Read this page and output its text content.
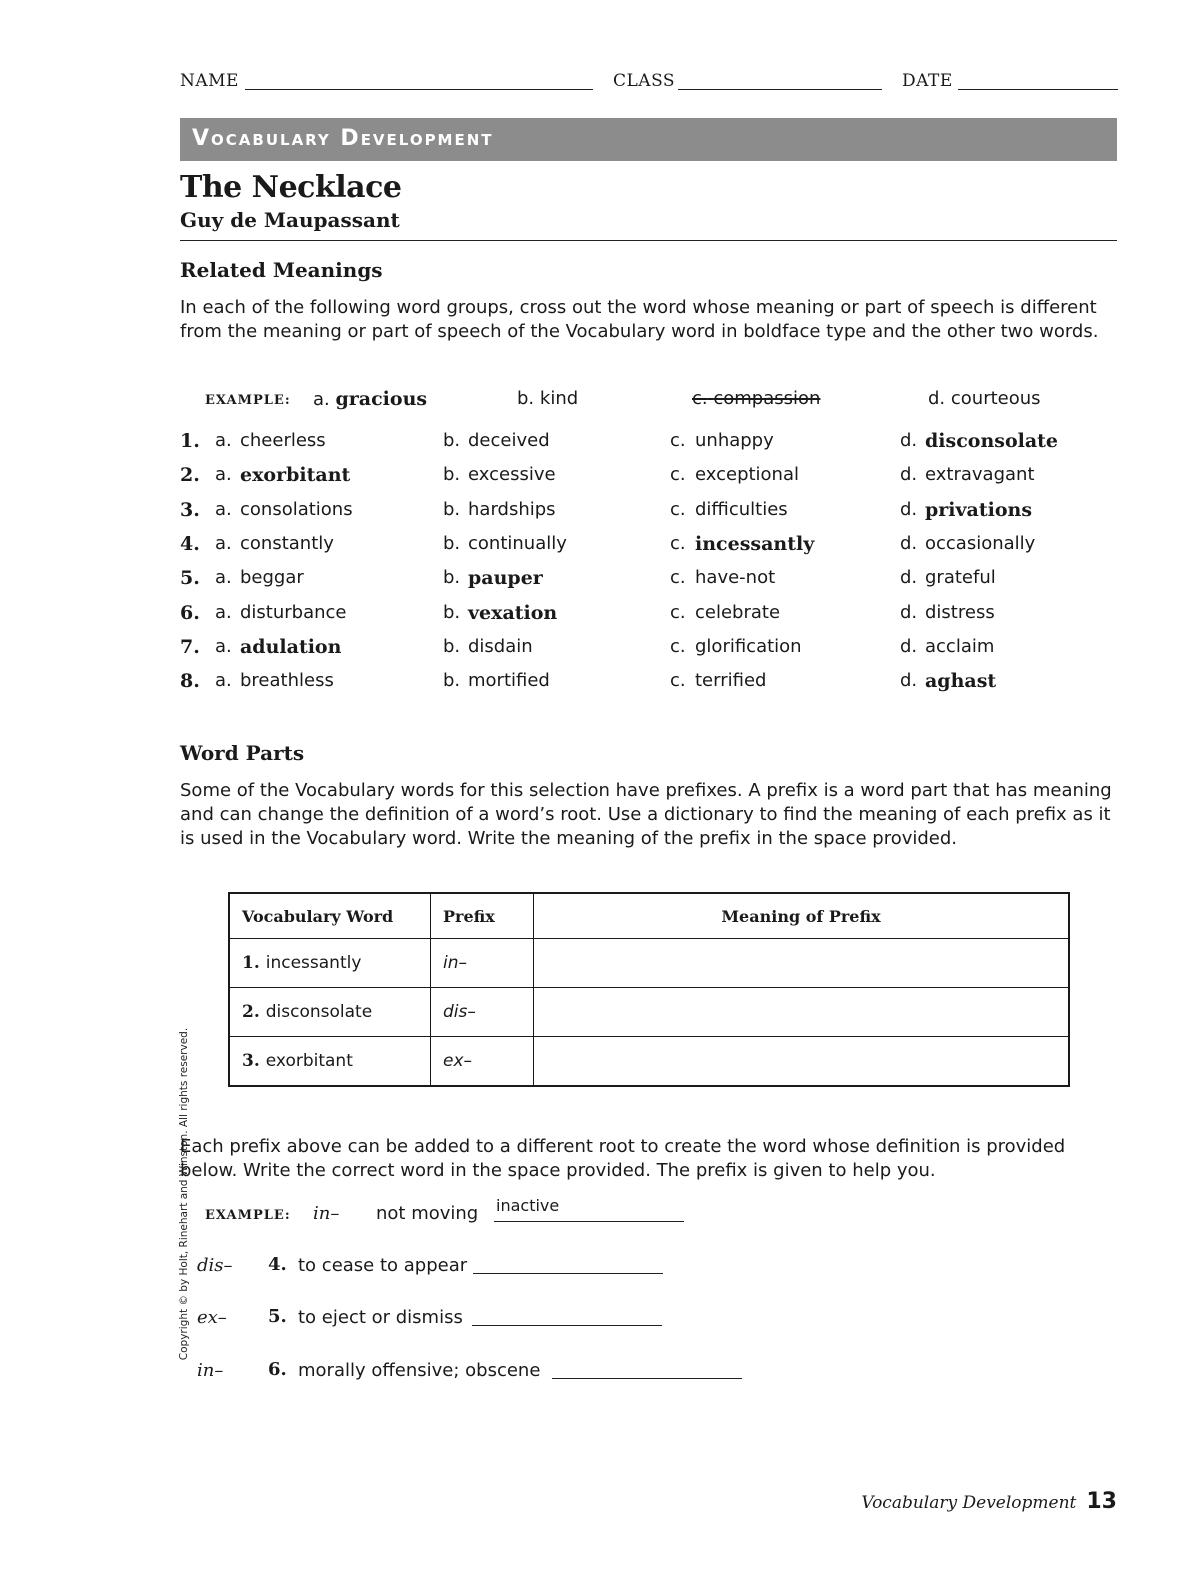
NAME	CLASS	DATE
Vocabulary Development
The Necklace
Guy de Maupassant
Related Meanings
In each of the following word groups, cross out the word whose meaning or part of speech is different from the meaning or part of speech of the Vocabulary word in boldface type and the other two words.
EXAMPLE: a. gracious	b. kind	c. compassion	d. courteous
1. a. cheerless	b. deceived	c. unhappy	d. disconsolate
2. a. exorbitant	b. excessive	c. exceptional	d. extravagant
3. a. consolations	b. hardships	c. difficulties	d. privations
4. a. constantly	b. continually	c. incessantly	d. occasionally
5. a. beggar	b. pauper	c. have-not	d. grateful
6. a. disturbance	b. vexation	c. celebrate	d. distress
7. a. adulation	b. disdain	c. glorification	d. acclaim
8. a. breathless	b. mortified	c. terrified	d. aghast
Word Parts
Some of the Vocabulary words for this selection have prefixes. A prefix is a word part that has meaning and can change the definition of a word’s root. Use a dictionary to find the meaning of each prefix as it is used in the Vocabulary word. Write the meaning of the prefix in the space provided.
Vocabulary Word	Prefix	Meaning of Prefix
1. incessantly	in–	
2. disconsolate	dis–	
3. exorbitant	ex–	
Each prefix above can be added to a different root to create the word whose definition is provided below. Write the correct word in the space provided. The prefix is given to help you.
EXAMPLE: in– not moving inactive
dis– 4. to cease to appear
ex– 5. to eject or dismiss
in– 6. morally offensive; obscene
Copyright © by Holt, Rinehart and Winston. All rights reserved.
Vocabulary Development 13
